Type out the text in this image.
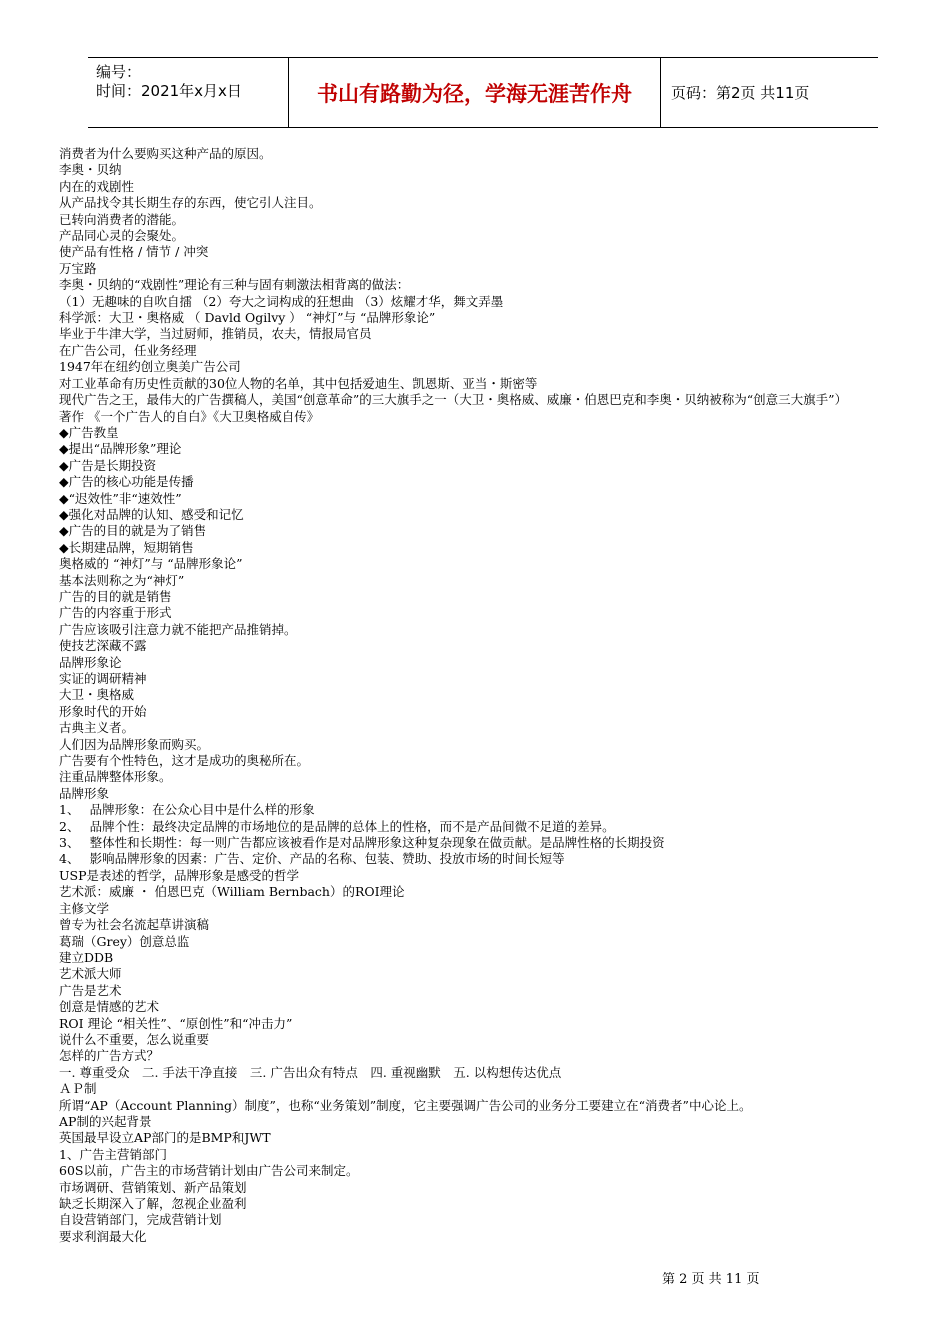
编号：
时间：2021年x月x日	书山有路勤为径，学海无涯苦作舟	页码：第2页 共11页
消费者为什么要购买这种产品的原因。
李奥・贝纳
内在的戏剧性
从产品找令其长期生存的东西，使它引人注目。
已转向消费者的潜能。
产品同心灵的会聚处。
使产品有性格 / 情节 / 冲突
万宝路
李奥・贝纳的“戏剧性”理论有三种与固有刺激法相背离的做法：
（1）无趣味的自吹自擂 （2）夸大之词构成的狂想曲 （3）炫耀才华，舞文弄墨
科学派：大卫・奥格威 （ Davld Ogilvy ） “神灯”与 “品牌形象论”
毕业于牛津大学，当过厨师，推销员，农夫，情报局官员
在广告公司，任业务经理
1947年在纽约创立奥美广告公司
对工业革命有历史性贡献的30位人物的名单，其中包括爱迪生、凯恩斯、亚当・斯密等
现代广告之王，最伟大的广告撰稿人，美国“创意革命”的三大旗手之一（大卫・奥格威、威廉・伯恩巴克和李奥・贝纳被称为“创意三大旗手”）
著作 《一个广告人的自白》《大卫奥格威自传》
◆广告教皇
◆提出“品牌形象”理论
◆广告是长期投资
◆广告的核心功能是传播
◆“迟效性”非“速效性”
◆强化对品牌的认知、感受和记忆
◆广告的目的就是为了销售
◆长期建品牌，短期销售
奥格威的 “神灯”与 “品牌形象论”
基本法则称之为“神灯”
广告的目的就是销售
广告的内容重于形式
广告应该吸引注意力就不能把产品推销掉。
使技艺深藏不露
品牌形象论
实证的调研精神
大卫・奥格威
形象时代的开始
古典主义者。
人们因为品牌形象而购买。
广告要有个性特色，这才是成功的奥秘所在。
注重品牌整体形象。
品牌形象
1、　 品牌形象：在公众心目中是什么样的形象
2、　 品牌个性：最终决定品牌的市场地位的是品牌的总体上的性格，而不是产品间微不足道的差异。
3、　 整体性和长期性：每一则广告都应该被看作是对品牌形象这种复杂现象在做贡献。是品牌性格的长期投资
4、　 影响品牌形象的因素：广告、定价、产品的名称、包装、赞助、投放市场的时间长短等
USP是表述的哲学，品牌形象是感受的哲学
艺术派：威廉 ・ 伯恩巴克（William Bernbach）的ROI理论
主修文学
曾专为社会名流起草讲演稿
葛瑞（Grey）创意总监
建立DDB
艺术派大师
广告是艺术
创意是情感的艺术
ROI 理论 “相关性”、“原创性”和“冲击力”
说什么不重要，怎么说重要
怎样的广告方式？
一. 尊重受众　二. 手法干净直接　三. 广告出众有特点　四. 重视幽默　五. 以构想传达优点
ＡＰ制
所谓“AP（Account Planning）制度”，也称“业务策划”制度，它主要强调广告公司的业务分工要建立在“消费者”中心论上。
AP制的兴起背景
英国最早设立AP部门的是BMP和JWT
1、广告主营销部门
60S以前，广告主的市场营销计划由广告公司来制定。
市场调研、营销策划、新产品策划
缺乏长期深入了解，忽视企业盈利
自设营销部门，完成营销计划
要求利润最大化
第 2 页 共 11 页
